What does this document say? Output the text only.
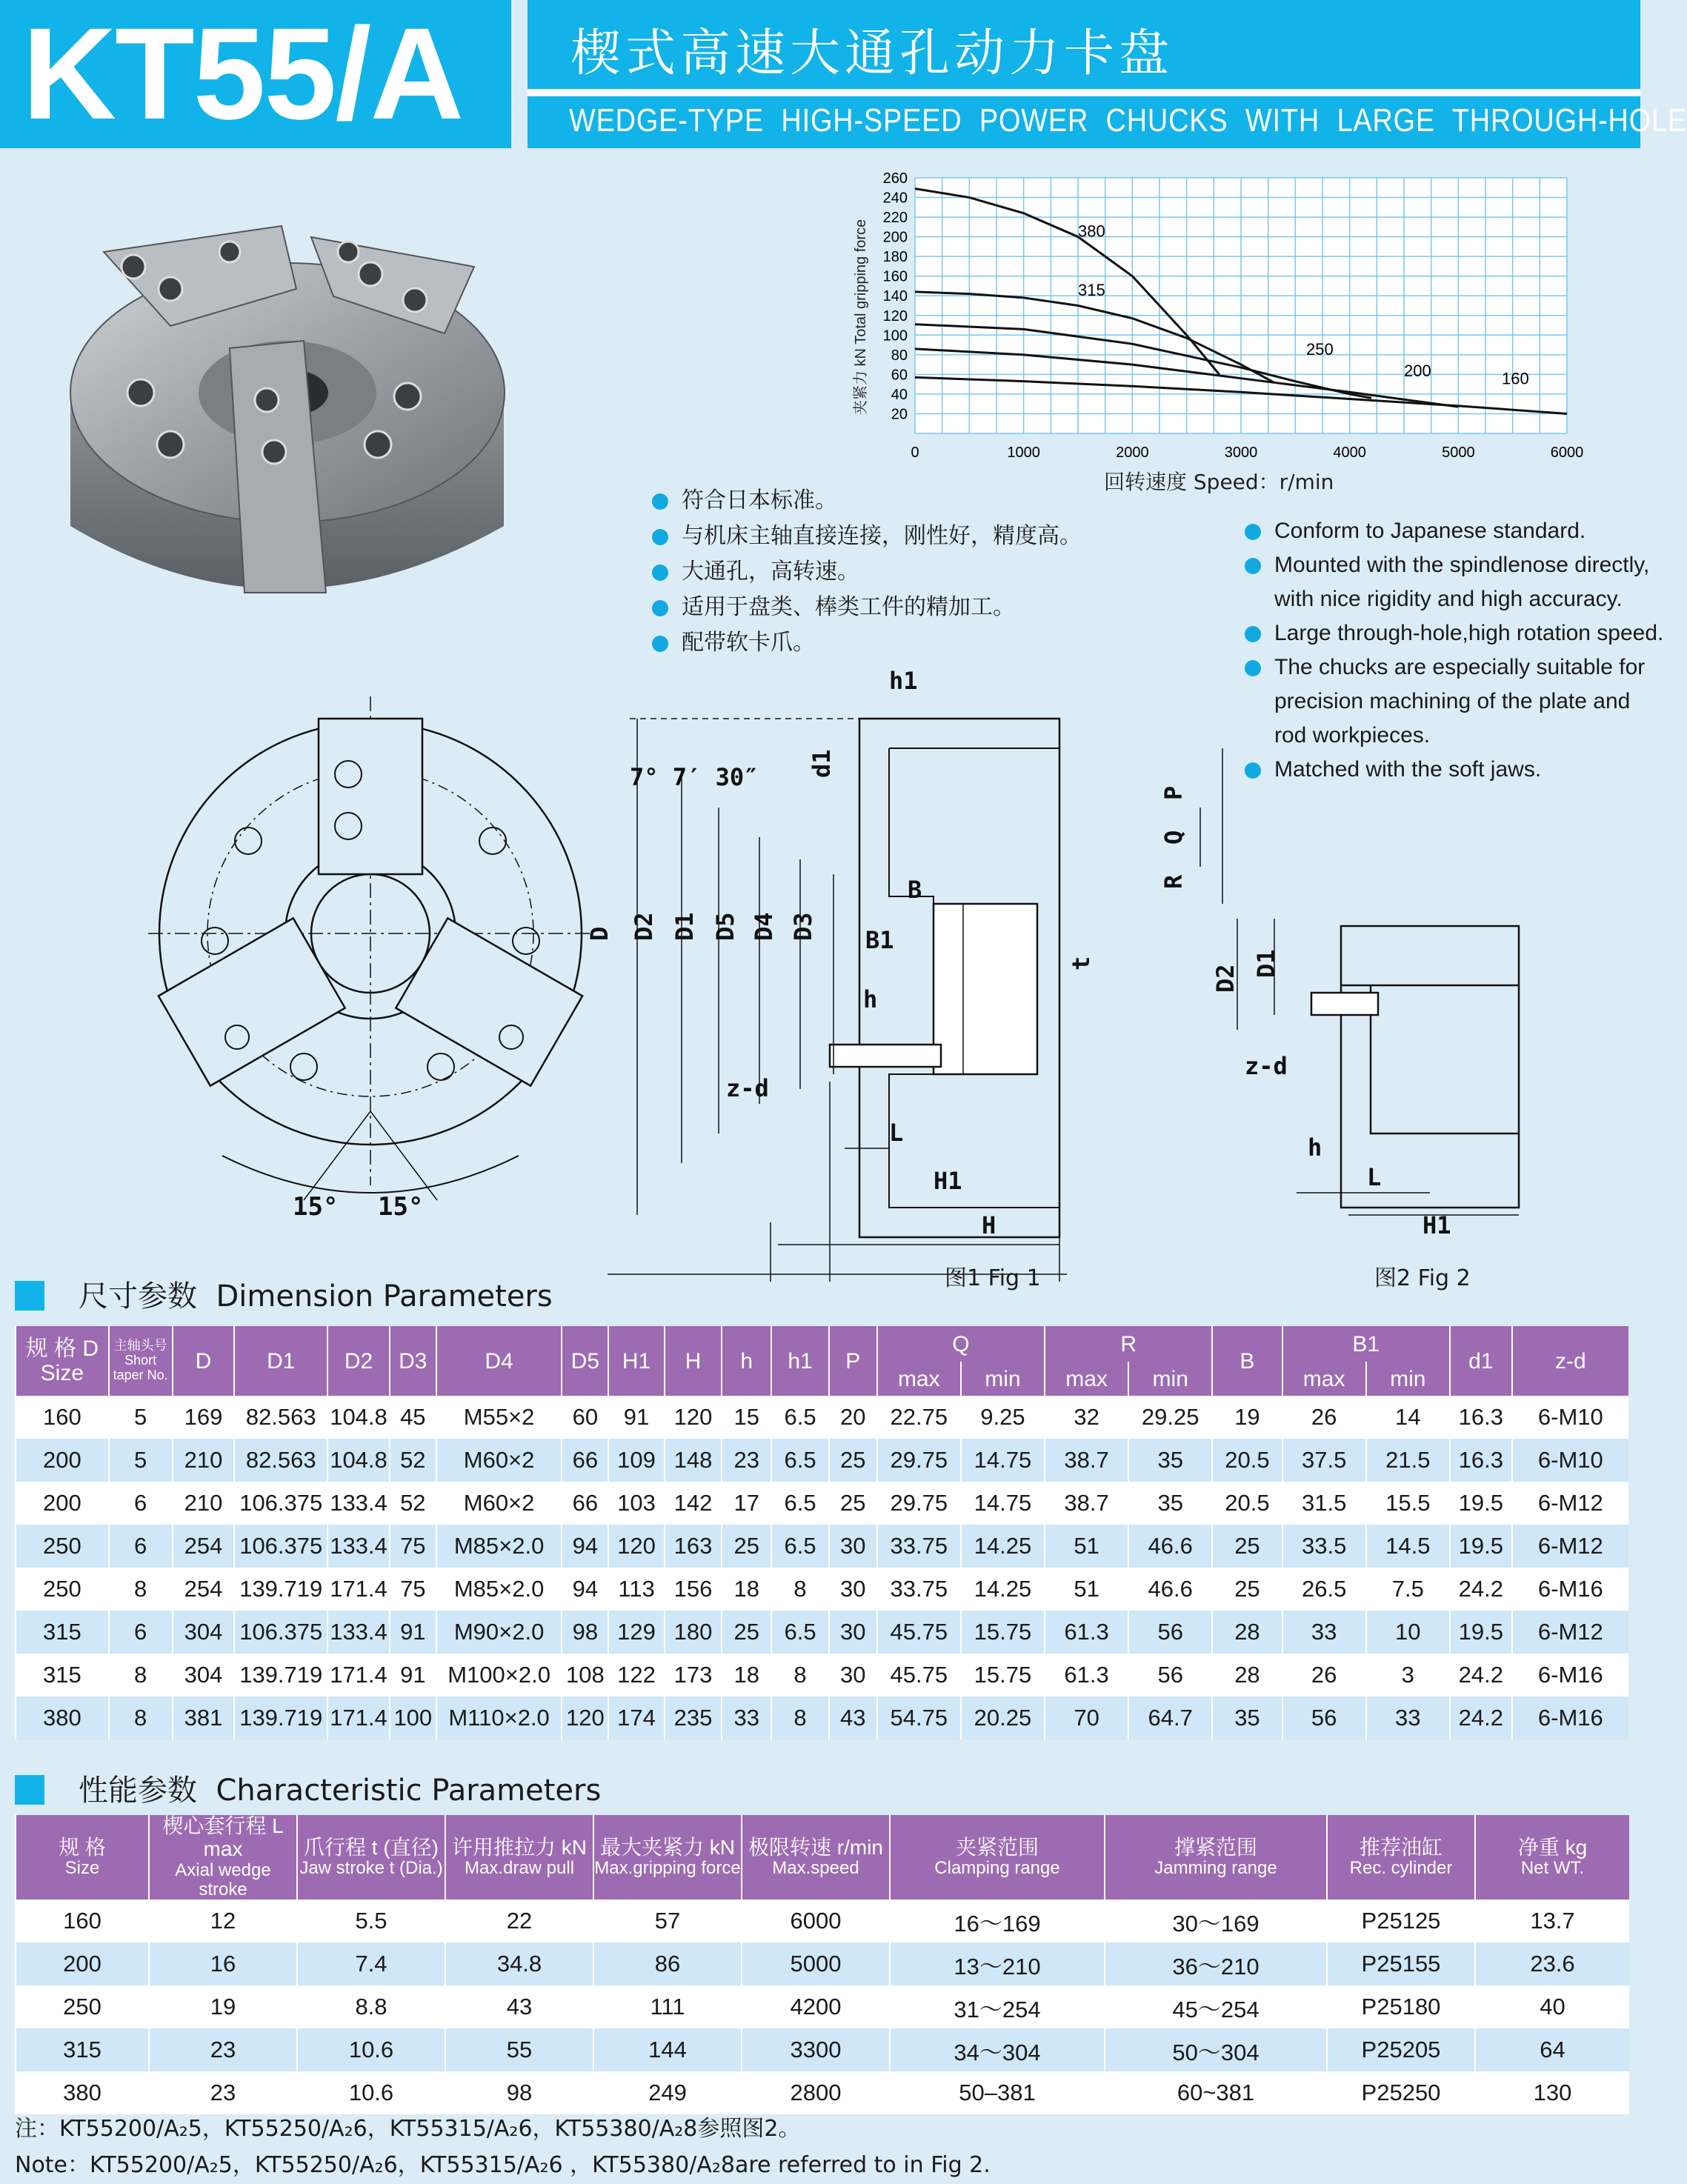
KT55/A 楔式高速大通孔动力卡盘
WEDGE-TYPE HIGH-SPEED POWER CHUCKS WITH LARGE THROUGH-HOLE
20
40
60
80
100
120
140
160
180
200
220
240
260
0	1000	2000	3000	4000	5000	6000
380
315
250
200	160
夹紧力 kN Total gripping force
回转速度 Speed：r/min
符合日本标准。
与机床主轴直接连接，刚性好，精度高。
大通孔，高转速。
适用于盘类、棒类工件的精加工。
配带软卡爪。
Conform to Japanese standard.
Mounted with the spindlenose directly,
with nice rigidity and high accuracy.
Large through-hole,high rotation speed.
The chucks are especially suitable for
precision machining of the plate and
rod workpieces.
Matched with the soft jaws.
15° 15°
7° 7′ 30″
h1
d1
D D2 D1 D5 D4 D3
B
B1
h
t
P
Q
R
z-d
L
H1
H
图1 Fig 1
D2
D1
z-d
h
L
H1
图2 Fig 2
尺寸参数 Dimension Parameters
规 格 D
Size	主轴头号
Short taper No.	D	D1	D2	D3	D4	D5	H1	H	h	h1	P	Q		R		B	B1		d1	z-d
													max	min	max	min		max	min		
160	5	169	82.563	104.8	45	M55×2	60	91	120	15	6.5	20	22.75	9.25	32	29.25	19	26	14	16.3	6-M10
200	5	210	82.563	104.8	52	M60×2	66	109	148	23	6.5	25	29.75	14.75	38.7	35	20.5	37.5	21.5	16.3	6-M10
200	6	210	106.375	133.4	52	M60×2	66	103	142	17	6.5	25	29.75	14.75	38.7	35	20.5	31.5	15.5	19.5	6-M12
250	6	254	106.375	133.4	75	M85×2.0	94	120	163	25	6.5	30	33.75	14.25	51	46.6	25	33.5	14.5	19.5	6-M12
250	8	254	139.719	171.4	75	M85×2.0	94	113	156	18	8	30	33.75	14.25	51	46.6	25	26.5	7.5	24.2	6-M16
315	6	304	106.375	133.4	91	M90×2.0	98	129	180	25	6.5	30	45.75	15.75	61.3	56	28	33	10	19.5	6-M12
315	8	304	139.719	171.4	91	M100×2.0	108	122	173	18	8	30	45.75	15.75	61.3	56	28	26	3	24.2	6-M16
380	8	381	139.719	171.4	100	M110×2.0	120	174	235	33	8	43	54.75	20.25	70	64.7	35	56	33	24.2	6-M16
性能参数 Characteristic Parameters
规 格
Size	楔心套行程 L max
Axial wedge stroke	爪行程 t (直径)
Jaw stroke t (Dia.)	许用推拉力 kN
Max.draw pull	最大夹紧力 kN
Max.gripping force	极限转速 r/min
Max.speed	夹紧范围
Clamping range	撑紧范围
Jamming range	推荐油缸
Rec. cylinder	净重 kg
Net WT.

160	12	5.5	22	57	6000	16～169	30～169	P25125	13.7
200	16	7.4	34.8	86	5000	13～210	36～210	P25155	23.6
250	19	8.8	43	111	4200	31～254	45～254	P25180	40
315	23	10.6	55	144	3300	34～304	50～304	P25205	64
380	23	10.6	98	249	2800	50–381	60~381	P25250	130
注：KT55200/A₂5，KT55250/A₂6，KT55315/A₂6，KT55380/A₂8参照图2。
Note：KT55200/A₂5，KT55250/A₂6，KT55315/A₂6 ，KT55380/A₂8are referred to in Fig 2.
